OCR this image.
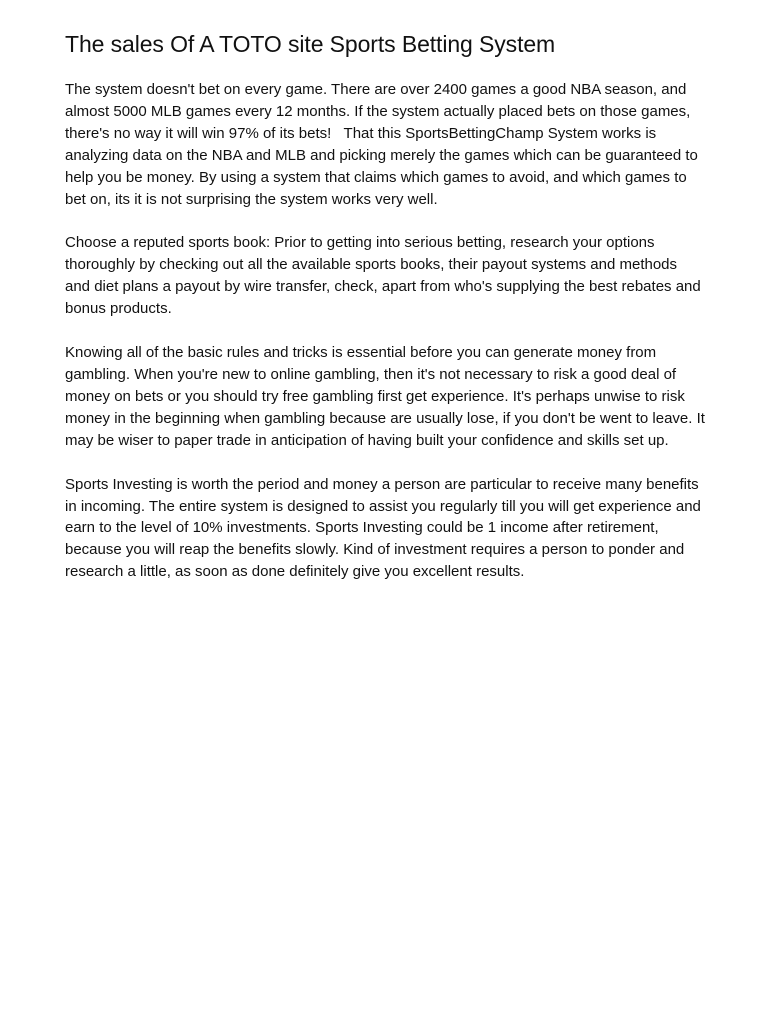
The sales Of A TOTO site Sports Betting System

The system doesn't bet on every game. There are over 2400 games a good NBA season, and almost 5000 MLB games every 12 months. If the system actually placed bets on those games, there's no way it will win 97% of its bets!   That this SportsBettingChamp System works is analyzing data on the NBA and MLB and picking merely the games which can be guaranteed to help you be money. By using a system that claims which games to avoid, and which games to bet on, its it is not surprising the system works very well.

Choose a reputed sports book: Prior to getting into serious betting, research your options thoroughly by checking out all the available sports books, their payout systems and methods and diet plans a payout by wire transfer, check, apart from who's supplying the best rebates and bonus products.

Knowing all of the basic rules and tricks is essential before you can generate money from gambling. When you're new to online gambling, then it's not necessary to risk a good deal of money on bets or you should try free gambling first get experience. It's perhaps unwise to risk money in the beginning when gambling because are usually lose, if you don't be went to leave. It may be wiser to paper trade in anticipation of having built your confidence and skills set up.

Sports Investing is worth the period and money a person are particular to receive many benefits in incoming. The entire system is designed to assist you regularly till you will get experience and earn to the level of 10% investments. Sports Investing could be 1 income after retirement, because you will reap the benefits slowly. Kind of investment requires a person to ponder and research a little, as soon as done definitely give you excellent results.
